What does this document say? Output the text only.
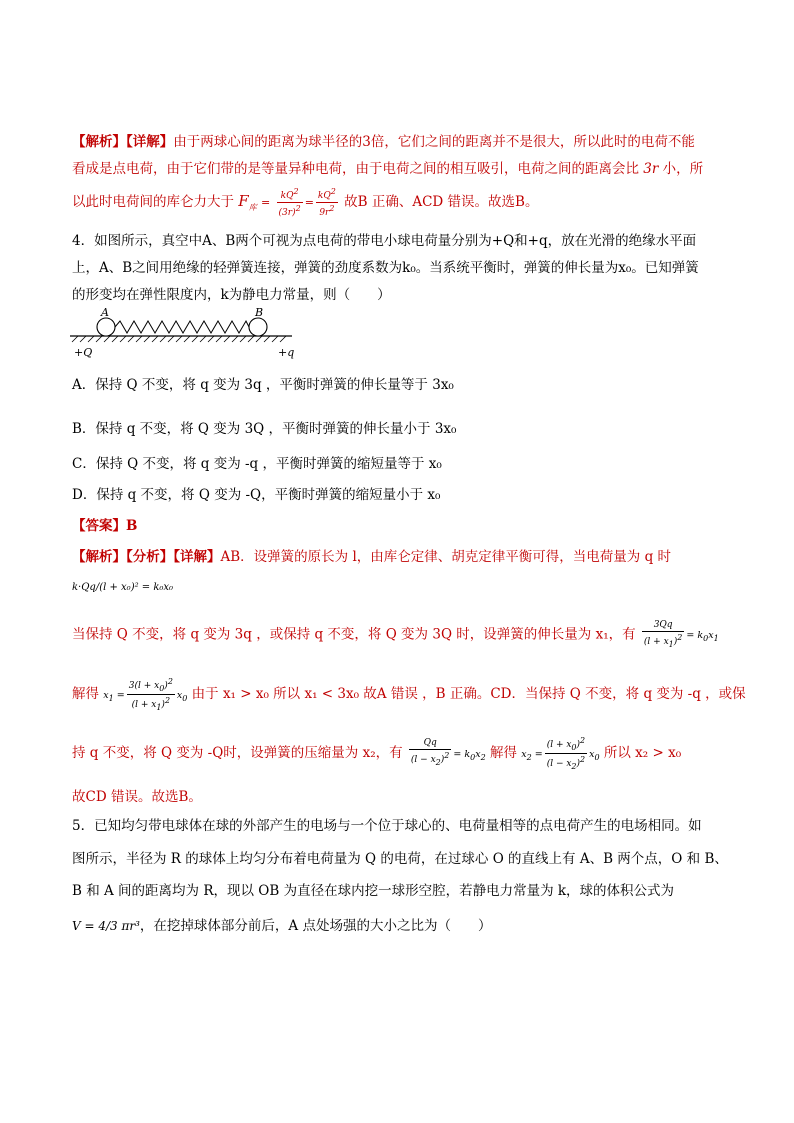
【解析】【详解】由于两球心间的距离为球半径的3倍，它们之间的距离并不是很大，所以此时的电荷不能
看成是点电荷，由于它们带的是等量异种电荷，由于电荷之间的相互吸引，电荷之间的距离会比 3r 小，所
以此时电荷间的库仑力大于 $F_库 = \frac{kQ^2}{(3r)^2} = \frac{kQ^2}{9r^2}$ 故B 正确、ACD 错误。故选B。
4．如图所示，真空中A、B两个可视为点电荷的带电小球电荷量分别为+Q和+q，放在光滑的绝缘水平面
上，A、B之间用绝缘的轻弹簧连接，弹簧的劲度系数为k₀。当系统平衡时，弹簧的伸长量为x₀。已知弹簧
的形变均在弹性限度内，k为静电力常量，则（　　）
A	B
+Q	+q
A．保持 Q 不变，将 q 变为 3q ，平衡时弹簧的伸长量等于 3x₀
B．保持 q 不变，将 Q 变为 3Q ，平衡时弹簧的伸长量小于 3x₀
C．保持 Q 不变，将 q 变为 -q ，平衡时弹簧的缩短量等于 x₀
D．保持 q 不变，将 Q 变为 -Q，平衡时弹簧的缩短量小于 x₀
【答案】B
【解析】【分析】【详解】AB．设弹簧的原长为 l，由库仑定律、胡克定律平衡可得，当电荷量为 q 时
k·Qq/(l + x₀)² = k₀x₀
当保持 Q 不变，将 q 变为 3q ，或保持 q 不变，将 Q 变为 3Q 时，设弹簧的伸长量为 x₁，有 $\frac{3Qq}{(l + x_1)^2} = k_0x_1$
解得 $x_1 = \frac{3(l + x_0)^2}{(l + x_1)^2} x_0$ 由于 x₁ > x₀ 所以 x₁ < 3x₀ 故A 错误 ，B 正确。CD．当保持 Q 不变，将 q 变为 -q ，或保
持 q 不变，将 Q 变为 -Q时，设弹簧的压缩量为 x₂，有 $\frac{Qq}{(l - x_2)^2} = k_0x_2$ 解得 $x_2 = \frac{(l + x_0)^2}{(l - x_2)^2} x_0$ 所以 x₂ > x₀
故CD 错误。故选B。
5．已知均匀带电球体在球的外部产生的电场与一个位于球心的、电荷量相等的点电荷产生的电场相同。如
图所示，半径为 R 的球体上均匀分布着电荷量为 Q 的电荷，在过球心 O 的直线上有 A、B 两个点，O 和 B、
B 和 A 间的距离均为 R，现以 OB 为直径在球内挖一球形空腔，若静电力常量为 k，球的体积公式为
V = 4/3 πr³，在挖掉球体部分前后，A 点处场强的大小之比为（　　）
